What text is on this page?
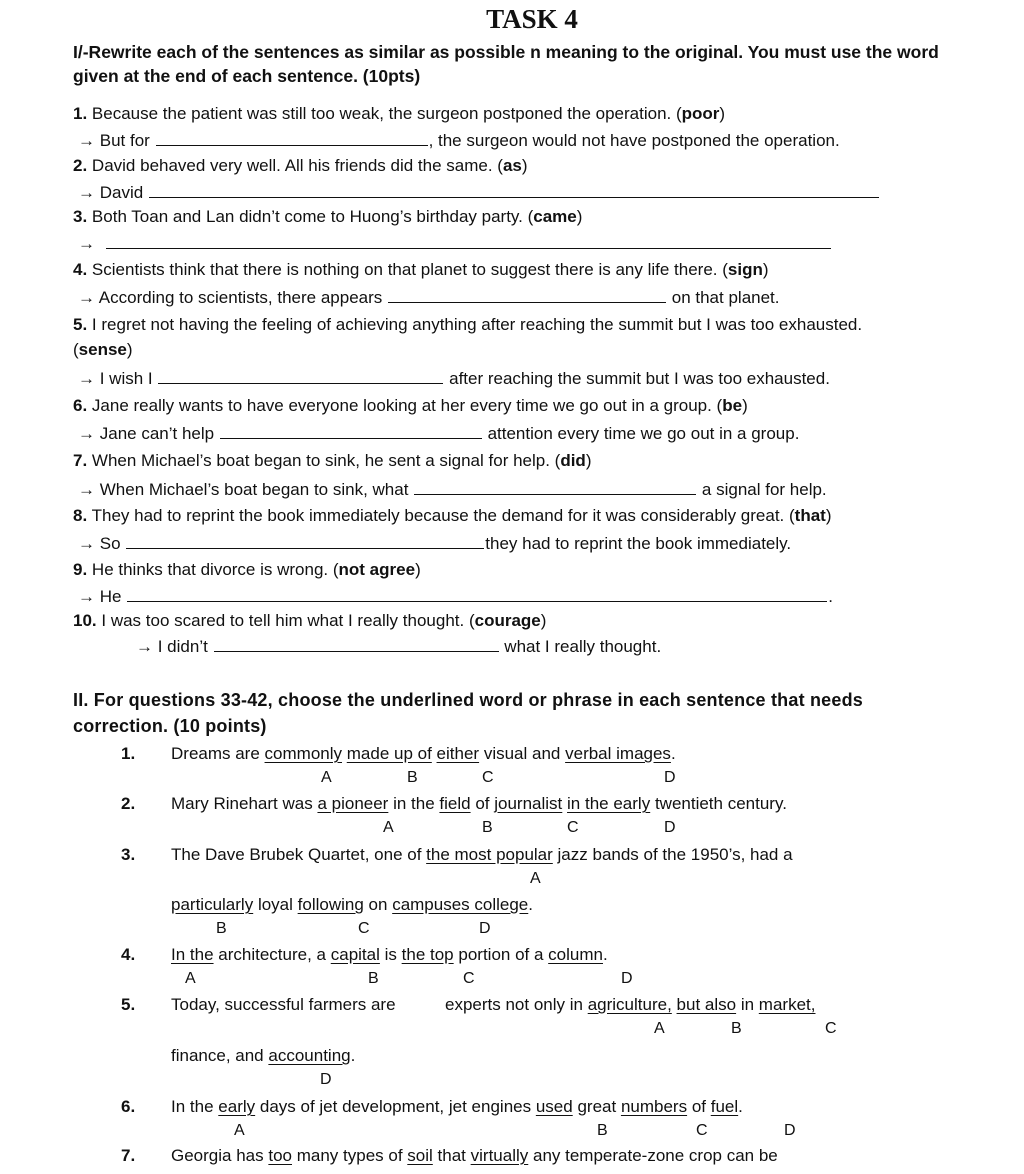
TASK 4
I/-Rewrite each of the sentences as similar as possible n meaning to the original. You must use the word
given at the end of each sentence. (10pts)
1. Because the patient was still too weak, the surgeon postponed the operation. (poor)
→ But for	, the surgeon would not have postponed the operation.
2. David behaved very well. All his friends did the same. (as)
→ David
3. Both Toan and Lan didn’t come to Huong’s birthday party. (came)
→
4. Scientists think that there is nothing on that planet to suggest there is any life there. (sign)
→ According to scientists, there appears	on that planet.
5. I regret not having the feeling of achieving anything after reaching the summit but I was too exhausted.
(sense)
→ I wish I	after reaching the summit but I was too exhausted.
6. Jane really wants to have everyone looking at her every time we go out in a group. (be)
→ Jane can’t help	attention every time we go out in a group.
7. When Michael’s boat began to sink, he sent a signal for help. (did)
→ When Michael’s boat began to sink, what	a signal for help.
8. They had to reprint the book immediately because the demand for it was considerably great. (that)
→ So	they had to reprint the book immediately.
9. He thinks that divorce is wrong. (not agree)
→ He	.
10. I was too scared to tell him what I really thought. (courage)
→ I didn’t	what I really thought.
II. For questions 33-42, choose the underlined word or phrase in each sentence that needs
correction. (10 points)
1. Dreams are commonly made up of either visual and verbal images.
A	B	C	D
2. Mary Rinehart was a pioneer in the field of journalist in the early twentieth century.
A	B	C	D
3. The Dave Brubek Quartet, one of the most popular jazz bands of the 1950’s, had a
A
particularly loyal following on campuses college.
B	C	D
4. In the architecture, a capital is the top portion of a column.
A	B	C	D
5. Today, successful farmers are	experts not only in agriculture, but also in market,
A	B	C
finance, and accounting.
D
6. In the early days of jet development, jet engines used great numbers of fuel.
A	B	C	D
7. Georgia has too many types of soil that virtually any temperate-zone crop can be
